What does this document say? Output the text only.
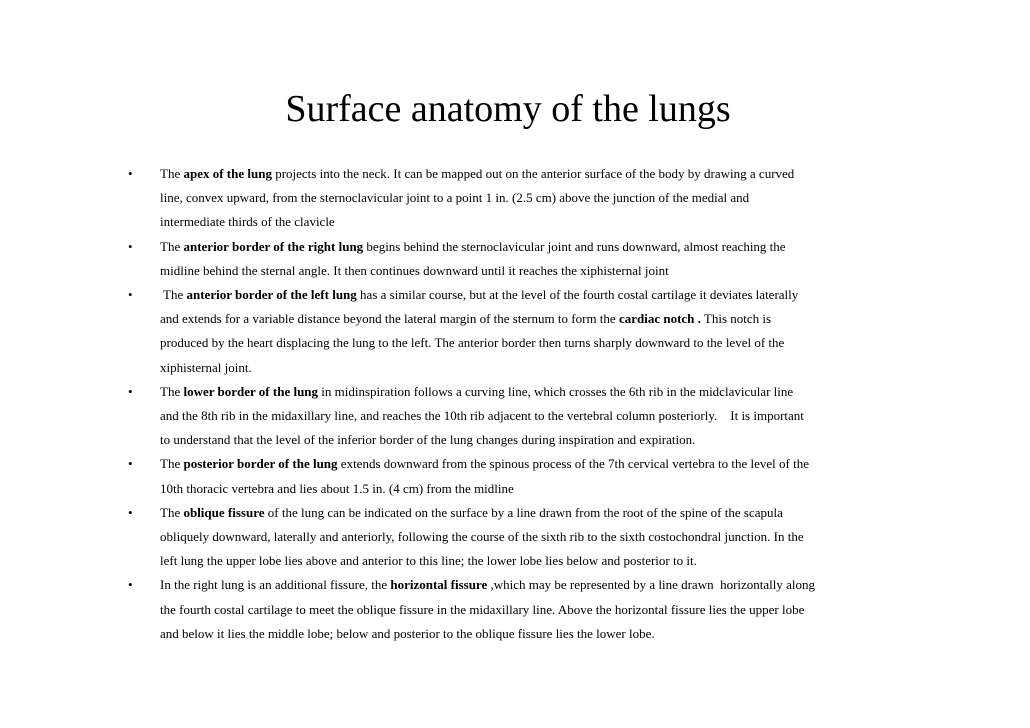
Surface anatomy of the lungs
• The apex of the lung projects into the neck. It can be mapped out on the anterior surface of the body by drawing a curved
line, convex upward, from the sternoclavicular joint to a point 1 in. (2.5 cm) above the junction of the medial and
intermediate thirds of the clavicle
• The anterior border of the right lung begins behind the sternoclavicular joint and runs downward, almost reaching the
midline behind the sternal angle. It then continues downward until it reaches the xiphisternal joint
• The anterior border of the left lung has a similar course, but at the level of the fourth costal cartilage it deviates laterally
and extends for a variable distance beyond the lateral margin of the sternum to form the cardiac notch . This notch is
produced by the heart displacing the lung to the left. The anterior border then turns sharply downward to the level of the
xiphisternal joint.
• The lower border of the lung in midinspiration follows a curving line, which crosses the 6th rib in the midclavicular line
and the 8th rib in the midaxillary line, and reaches the 10th rib adjacent to the vertebral column posteriorly.    It is important
to understand that the level of the inferior border of the lung changes during inspiration and expiration.
• The posterior border of the lung extends downward from the spinous process of the 7th cervical vertebra to the level of the
10th thoracic vertebra and lies about 1.5 in. (4 cm) from the midline
• The oblique fissure of the lung can be indicated on the surface by a line drawn from the root of the spine of the scapula
obliquely downward, laterally and anteriorly, following the course of the sixth rib to the sixth costochondral junction. In the
left lung the upper lobe lies above and anterior to this line; the lower lobe lies below and posterior to it.
• In the right lung is an additional fissure, the horizontal fissure ,which may be represented by a line drawn  horizontally along
the fourth costal cartilage to meet the oblique fissure in the midaxillary line. Above the horizontal fissure lies the upper lobe
and below it lies the middle lobe; below and posterior to the oblique fissure lies the lower lobe.
